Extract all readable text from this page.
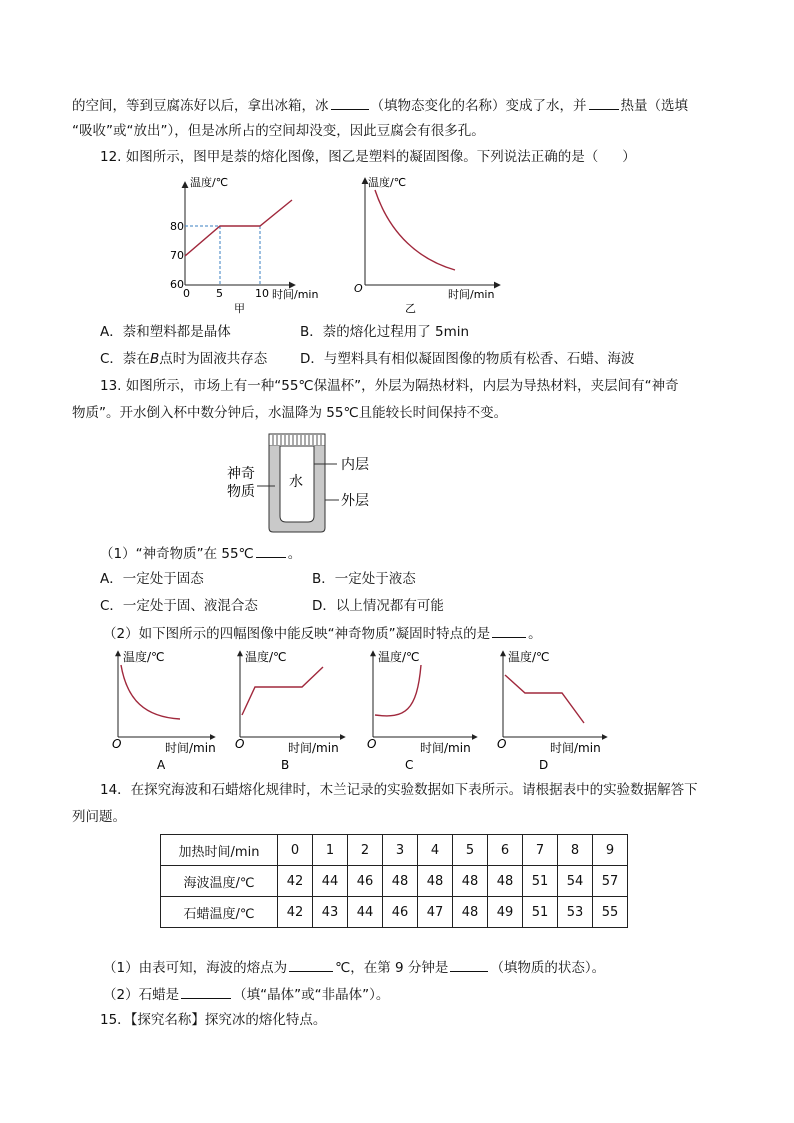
的空间，等到豆腐冻好以后，拿出冰箱，冰	（填物态变化的名称）变成了水，并	热量（选填
“吸收”或“放出”），但是冰所占的空间却没变，因此豆腐会有很多孔。
12. 如图所示，图甲是萘的熔化图像，图乙是塑料的凝固图像。下列说法正确的是（ ）
温度/℃
时间/min
60
70
80
0 5	10
甲
温度/℃
时间/min
O
乙
A．萘和塑料都是晶体	B．萘的熔化过程用了 5min
C．萘在B点时为固液共存态 D．与塑料具有相似凝固图像的物质有松香、石蜡、海波
13. 如图所示，市场上有一种“55℃保温杯”，外层为隔热材料，内层为导热材料，夹层间有“神奇
物质”。开水倒入杯中数分钟后，水温降为 55℃且能较长时间保持不变。
水
神奇
物质
内层
外层
（1）“神奇物质”在 55℃	。
A．一定处于固态	B．一定处于液态
C．一定处于固、液混合态	D．以上情况都有可能
（2）如下图所示的四幅图像中能反映“神奇物质”凝固时特点的是	。
温度/℃
时间/min
O
A
温度/℃
时间/min
O
B
温度/℃
时间/min
O
C
温度/℃
时间/min
O
D
14．在探究海波和石蜡熔化规律时，木兰记录的实验数据如下表所示。请根据表中的实验数据解答下
列问题。
加热时间/min	0	1	2	3	4	5	6	7	8	9
海波温度/℃	42	44	46	48	48	48	48	51	54	57
石蜡温度/℃	42	43	44	46	47	48	49	51	53	55
（1）由表可知，海波的熔点为	℃，在第 9 分钟是	（填物质的状态）。
（2）石蜡是	（填“晶体”或“非晶体”）。
15．【探究名称】探究冰的熔化特点。
